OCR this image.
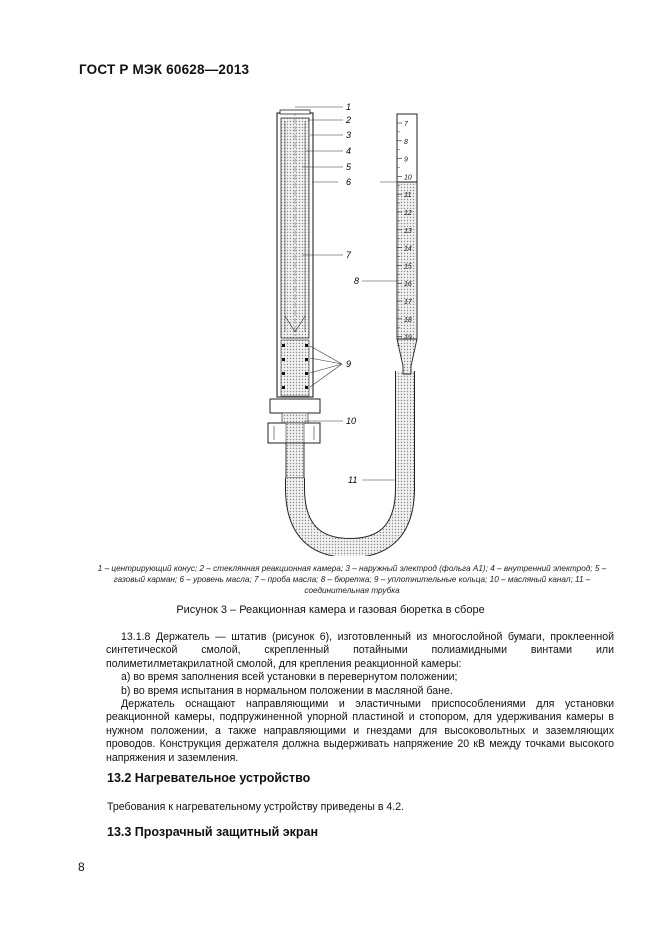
ГОСТ Р МЭК 60628—2013
7
8
9
10
11
12
13
14
15
16
17
18
19
1
2
3
4
5
6
7
8
9
10
11
1 – центрирующий конус; 2 – стеклянная реакционная камера; 3 – наружный электрод (фольга A1); 4 – внутренний электрод; 5 – газовый карман; 6 – уровень масла; 7 – проба масла; 8 – бюретка; 9 – уплотнительные кольца; 10 – масляный канал; 11 – соединительная трубка
Рисунок 3 – Реакционная камера и газовая бюретка в сборе

13.1.8 Держатель — штатив (рисунок 6), изготовленный из многослойной бумаги, проклеенной синтетической смолой, скрепленный потайными полиамидными винтами или полиметилметакрилатной смолой, для крепления реакционной камеры:

a) во время заполнения всей установки в перевернутом положении;

b) во время испытания в нормальном положении в масляной бане.

Держатель оснащают направляющими и эластичными приспособлениями для установки реакционной камеры, подпружиненной упорной пластиной и стопором, для удерживания камеры в нужном положении, а также направляющими и гнездами для высоковольтных и заземляющих проводов. Конструкция держателя должна выдерживать напряжение 20 кВ между точками высокого напряжения и заземления.

13.2 Нагревательное устройство
Требования к нагревательному устройству приведены в 4.2.
13.3 Прозрачный защитный экран
8
